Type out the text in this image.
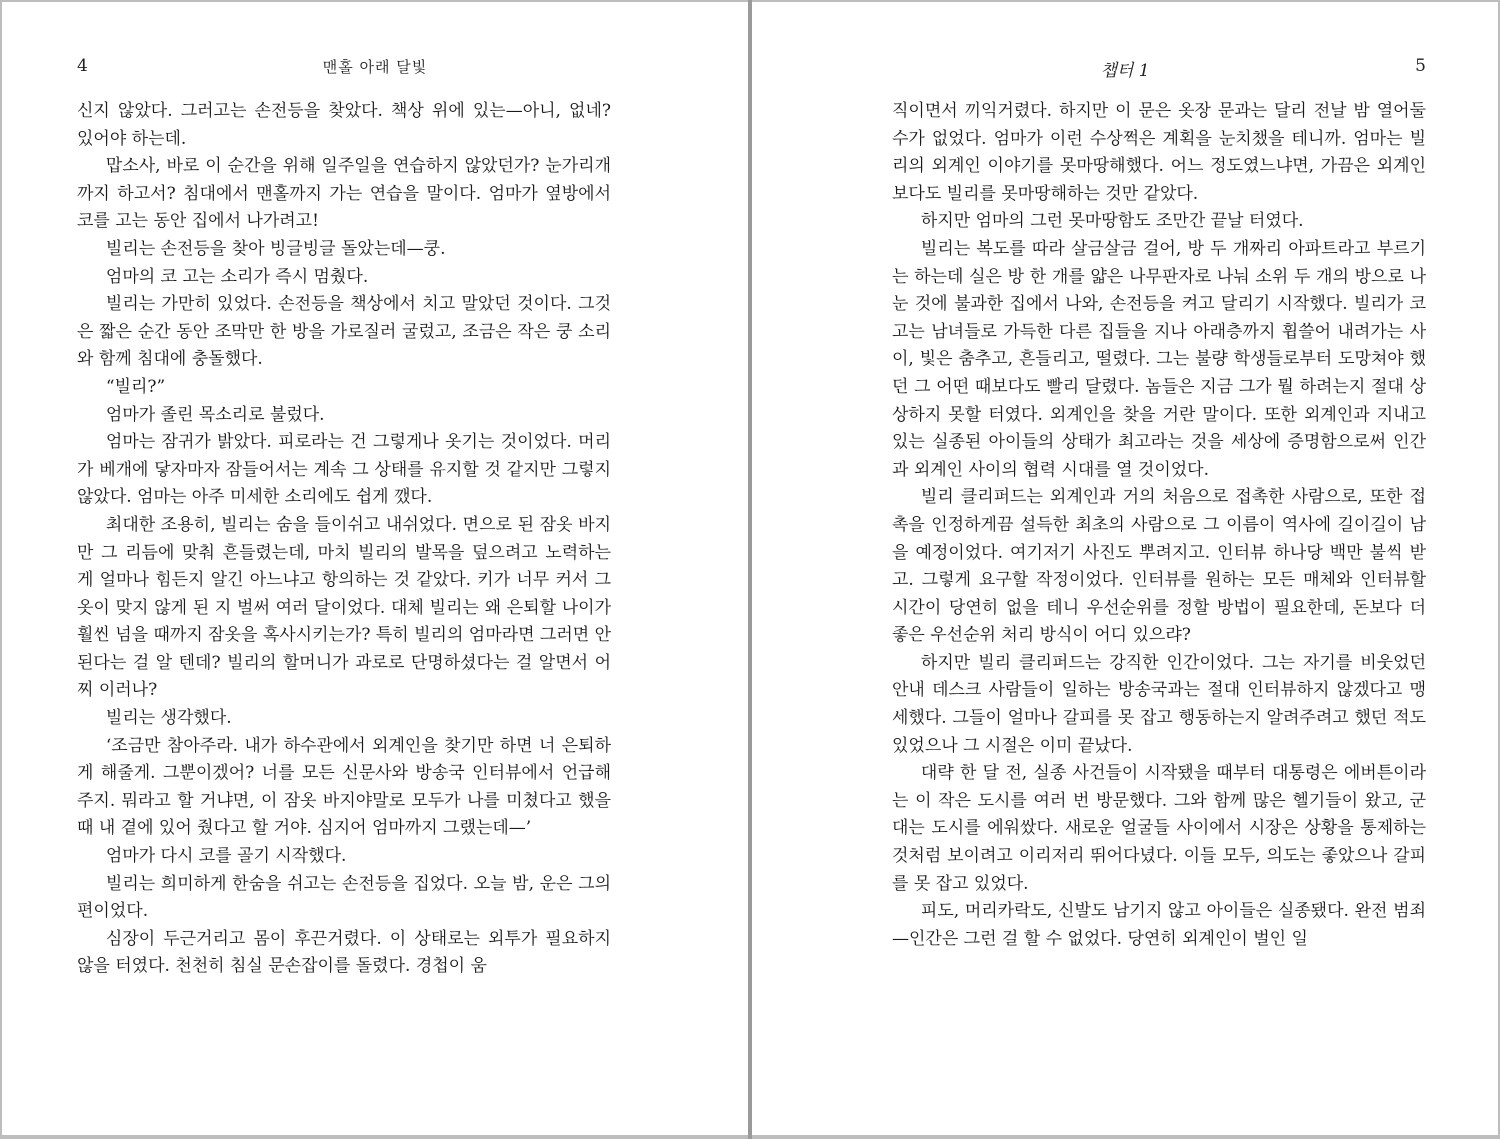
4	맨홀 아래 달빛

신지 않았다. 그러고는 손전등을 찾았다. 책상 위에 있는—아니, 없네? 있어야 하는데.

맙소사, 바로 이 순간을 위해 일주일을 연습하지 않았던가? 눈가리개까지 하고서? 침대에서 맨홀까지 가는 연습을 말이다. 엄마가 옆방에서 코를 고는 동안 집에서 나가려고!

빌리는 손전등을 찾아 빙글빙글 돌았는데—쿵.

엄마의 코 고는 소리가 즉시 멈췄다.

빌리는 가만히 있었다. 손전등을 책상에서 치고 말았던 것이다. 그것은 짧은 순간 동안 조막만 한 방을 가로질러 굴렀고, 조금은 작은 쿵 소리와 함께 침대에 충돌했다.

“빌리?”

엄마가 졸린 목소리로 불렀다.

엄마는 잠귀가 밝았다. 피로라는 건 그렇게나 옷기는 것이었다. 머리가 베개에 닿자마자 잠들어서는 계속 그 상태를 유지할 것 같지만 그렇지 않았다. 엄마는 아주 미세한 소리에도 쉽게 깼다.

최대한 조용히, 빌리는 숨을 들이쉬고 내쉬었다. 면으로 된 잠옷 바지만 그 리듬에 맞춰 흔들렸는데, 마치 빌리의 발목을 덮으려고 노력하는 게 얼마나 힘든지 알긴 아느냐고 항의하는 것 같았다. 키가 너무 커서 그 옷이 맞지 않게 된 지 벌써 여러 달이었다. 대체 빌리는 왜 은퇴할 나이가 훨씬 넘을 때까지 잠옷을 혹사시키는가? 특히 빌리의 엄마라면 그러면 안 된다는 걸 알 텐데? 빌리의 할머니가 과로로 단명하셨다는 걸 알면서 어찌 이러나?

빌리는 생각했다.

‘조금만 참아주라. 내가 하수관에서 외계인을 찾기만 하면 너 은퇴하게 해줄게. 그뿐이겠어? 너를 모든 신문사와 방송국 인터뷰에서 언급해 주지. 뭐라고 할 거냐면, 이 잠옷 바지야말로 모두가 나를 미쳤다고 했을 때 내 곁에 있어 줬다고 할 거야. 심지어 엄마까지 그랬는데—’

엄마가 다시 코를 골기 시작했다.

빌리는 희미하게 한숨을 쉬고는 손전등을 집었다. 오늘 밤, 운은 그의 편이었다.

심장이 두근거리고 몸이 후끈거렸다. 이 상태로는 외투가 필요하지 않을 터였다. 천천히 침실 문손잡이를 돌렸다. 경첩이 움

챕터 1	5

직이면서 끼익거렸다. 하지만 이 문은 옷장 문과는 달리 전날 밤 열어둘 수가 없었다. 엄마가 이런 수상쩍은 계획을 눈치챘을 테니까. 엄마는 빌리의 외계인 이야기를 못마땅해했다. 어느 정도였느냐면, 가끔은 외계인보다도 빌리를 못마땅해하는 것만 같았다.

하지만 엄마의 그런 못마땅함도 조만간 끝날 터였다.

빌리는 복도를 따라 살금살금 걸어, 방 두 개짜리 아파트라고 부르기는 하는데 실은 방 한 개를 얇은 나무판자로 나눠 소위 두 개의 방으로 나눈 것에 불과한 집에서 나와, 손전등을 켜고 달리기 시작했다. 빌리가 코 고는 남녀들로 가득한 다른 집들을 지나 아래층까지 휩쓸어 내려가는 사이, 빛은 춤추고, 흔들리고, 떨렸다. 그는 불량 학생들로부터 도망쳐야 했던 그 어떤 때보다도 빨리 달렸다. 놈들은 지금 그가 뭘 하려는지 절대 상상하지 못할 터였다. 외계인을 찾을 거란 말이다. 또한 외계인과 지내고 있는 실종된 아이들의 상태가 최고라는 것을 세상에 증명함으로써 인간과 외계인 사이의 협력 시대를 열 것이었다.

빌리 클리퍼드는 외계인과 거의 처음으로 접촉한 사람으로, 또한 접촉을 인정하게끔 설득한 최초의 사람으로 그 이름이 역사에 길이길이 남을 예정이었다. 여기저기 사진도 뿌려지고. 인터뷰 하나당 백만 불씩 받고. 그렇게 요구할 작정이었다. 인터뷰를 원하는 모든 매체와 인터뷰할 시간이 당연히 없을 테니 우선순위를 정할 방법이 필요한데, 돈보다 더 좋은 우선순위 처리 방식이 어디 있으랴?

하지만 빌리 클리퍼드는 강직한 인간이었다. 그는 자기를 비웃었던 안내 데스크 사람들이 일하는 방송국과는 절대 인터뷰하지 않겠다고 맹세했다. 그들이 얼마나 갈피를 못 잡고 행동하는지 알려주려고 했던 적도 있었으나 그 시절은 이미 끝났다.

대략 한 달 전, 실종 사건들이 시작됐을 때부터 대통령은 에버튼이라는 이 작은 도시를 여러 번 방문했다. 그와 함께 많은 헬기들이 왔고, 군대는 도시를 에워쌌다. 새로운 얼굴들 사이에서 시장은 상황을 통제하는 것처럼 보이려고 이리저리 뛰어다녔다. 이들 모두, 의도는 좋았으나 갈피를 못 잡고 있었다.

피도, 머리카락도, 신발도 남기지 않고 아이들은 실종됐다. 완전 범죄—인간은 그런 걸 할 수 없었다. 당연히 외계인이 벌인 일
